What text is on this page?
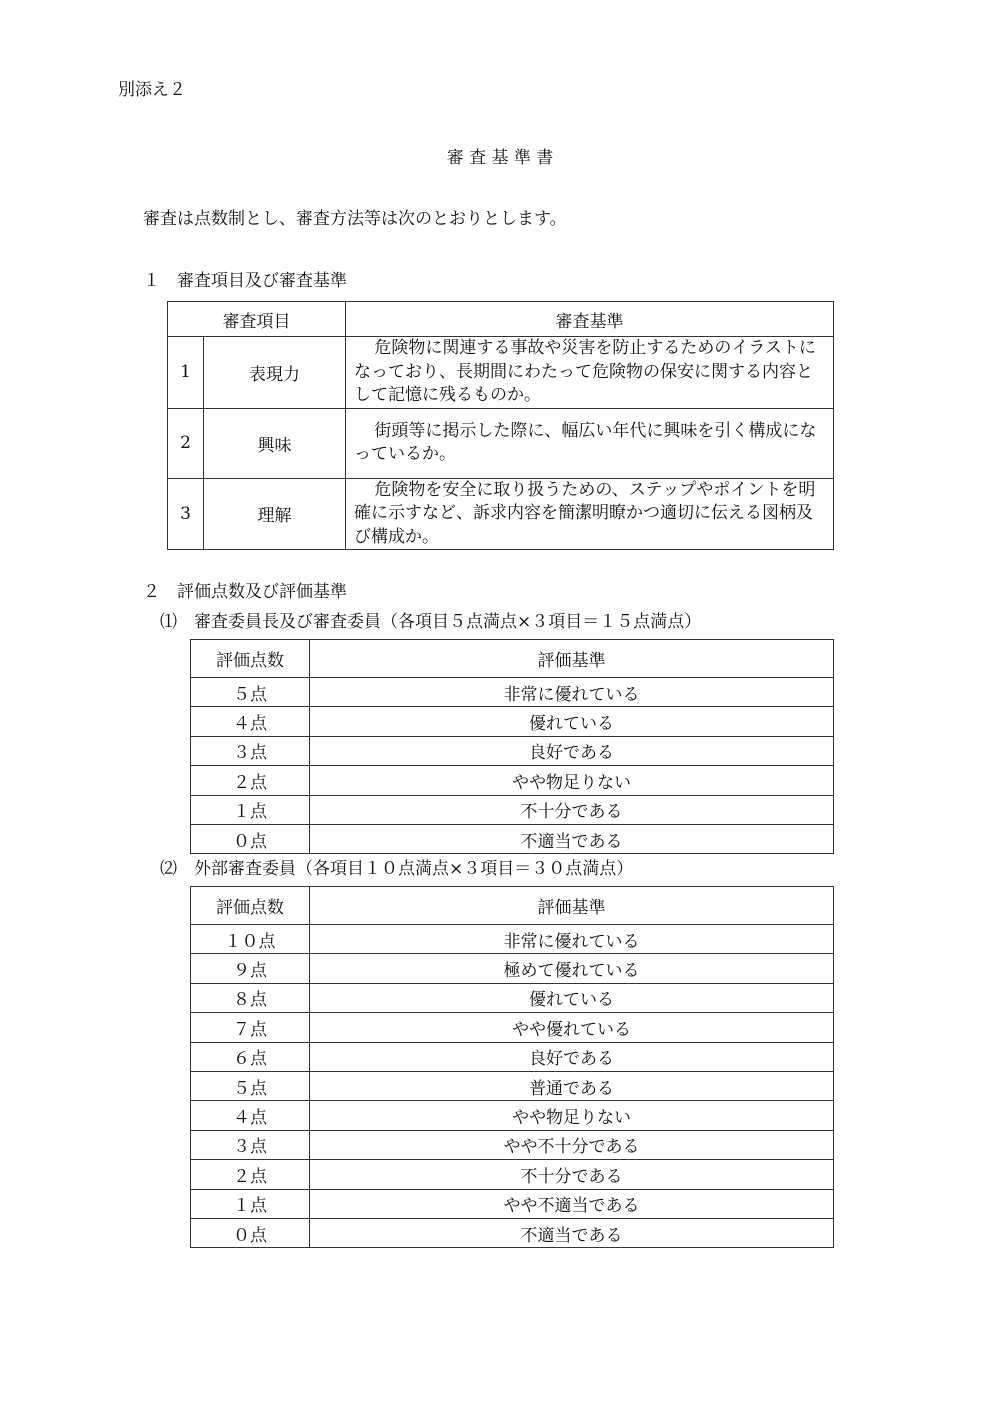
別添え２
審 査 基 準 書
審査は点数制とし、審査方法等は次のとおりとします。
１　審査項目及び審査基準
審査項目		審査基準
1	表現力	危険物に関連する事故や災害を防止するためのイラストになっており、長期間にわたって危険物の保安に関する内容として記憶に残るものか。
2	興味	街頭等に掲示した際に、幅広い年代に興味を引く構成になっているか。
3	理解	危険物を安全に取り扱うための、ステップやポイントを明確に示すなど、訴求内容を簡潔明瞭かつ適切に伝える図柄及び構成か。
２　評価点数及び評価基準
⑴　審査委員長及び審査委員（各項目５点満点×３項目＝１５点満点）
評価点数	評価基準
５点	非常に優れている
４点	優れている
３点	良好である
２点	やや物足りない
１点	不十分である
０点	不適当である
⑵　外部審査委員（各項目１０点満点×３項目＝３０点満点）
評価点数	評価基準
１０点	非常に優れている
９点	極めて優れている
８点	優れている
７点	やや優れている
６点	良好である
５点	普通である
４点	やや物足りない
３点	やや不十分である
２点	不十分である
１点	やや不適当である
０点	不適当である
